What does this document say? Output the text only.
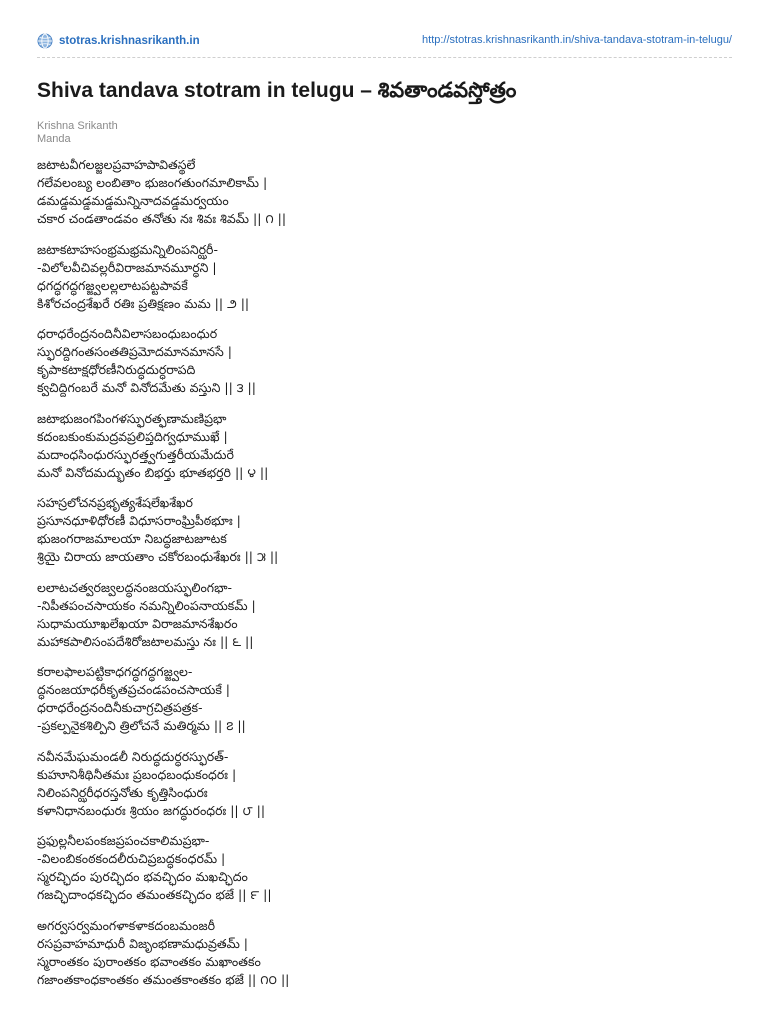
stotras.krishnasrikanth.in	http://stotras.krishnasrikanth.in/shiva-tandava-stotram-in-telugu/
Shiva tandava stotram in telugu – శివతాండవస్తోత్రం
Krishna Srikanth
Manda
జటాటవీగలజ్జలప్రవాహపావితస్థలే
గలేవలంబ్య లంబితాం భుజంగతుంగమాలికామ్ |
డమడ్డమడ్డమడ్డమన్నినాదవడ్డమర్వయం
చకార చండతాండవం తనోతు నః శివః శివమ్ || ౧ ||
జటాకటాహసంభ్రమభ్రమన్నిలింపనిర్ఝరీ-
-విలోలవీచివల్లరీవిరాజమానమూర్ధని |
ధగద్ధగద్ధగజ్జ్వలల్లలాటపట్టపావకే
కిశోరచంద్రశేఖరే రతిః ప్రతిక్షణం మమ || ౨ ||
ధరాధరేంద్రనందినీవిలాసబంధుబంధుర
స్ఫురద్దిగంతసంతతిప్రమోదమానమానసే |
కృపాకటాక్షధోరణీనిరుద్ధదుర్ధరాపది
క్వచిద్దిగంబరే మనో వినోదమేతు వస్తుని || ౩ ||
జటాభుజంగపింగళస్ఫురత్ఫణామణిప్రభా
కదంబకుంకుమద్రవప్రలిప్తదిగ్వధూముఖే |
మదాంధసింధురస్ఫురత్త్వగుత్తరీయమేదురే
మనో వినోదమద్భుతం బిభర్తు భూతభర్తరి || ౪ ||
సహస్రలోచనప్రభృత్యశేషలేఖశేఖర
ప్రసూనధూళిధోరణీ విధూసరాంఘ్రిపీఠభూః |
భుజంగరాజమాలయా నిబద్ధజాటజూటక
శ్రియై చిరాయ జాయతాం చకోరబంధుశేఖరః || ౫ ||
లలాటచత్వరజ్వలద్ధనంజయస్ఫులింగభా-
-నిపీతపంచసాయకం నమన్నిలింపనాయకమ్ |
సుధామయూఖలేఖయా విరాజమానశేఖరం
మహాకపాలిసంపదేశిరోజటాలమస్తు నః || ౬ ||
కరాలఫాలపట్టికాధగద్ధగద్ధగజ్జ్వల-
ద్ధనంజయాధరీకృతప్రచండపంచసాయకే |
ధరాధరేంద్రనందినీకుచాగ్రచిత్రపత్రక-
-ప్రకల్పనైకశిల్పిని త్రిలోచనే మతిర్మమ || ౭ ||
నవీనమేఘమండలీ నిరుద్ధదుర్ధరస్ఫురత్-
కుహూనిశీథినీతమః ప్రబంధబంధుకంధరః |
నిలింపనిర్ఝరీధరస్తనోతు కృత్తిసింధురః
కళానిధానబంధురః శ్రియం జగద్ధురంధరః || ౮ ||
ప్రఫుల్లనీలపంకజప్రపంచకాలిమప్రభా-
-విలంబికంఠకందలీరుచిప్రబద్ధకంధరమ్ |
స్మరచ్ఛిదం పురచ్ఛిదం భవచ్ఛిదం మఖచ్ఛిదం
గజచ్ఛిదాంధకచ్ఛిదం తమంతకచ్ఛిదం భజే || ౯ ||
అగర్వసర్వమంగళాకళాకదంబమంజరీ
రసప్రవాహమాధురీ విజృంభణామధువ్రతమ్ |
స్మరాంతకం పురాంతకం భవాంతకం మఖాంతకం
గజాంతకాంధకాంతకం తమంతకాంతకం భజే || ౧౦ ||
